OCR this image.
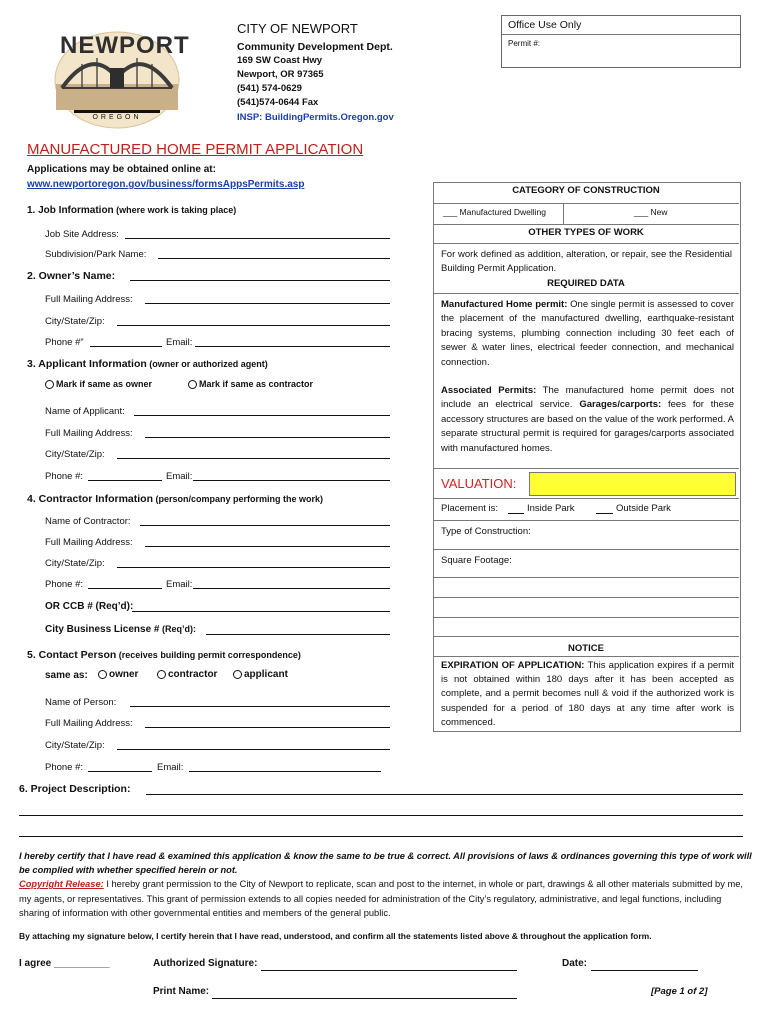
NEWPORT
OREGON
CITY OF NEWPORT
Community Development Dept.
169 SW Coast Hwy
Newport, OR 97365
(541) 574-0629
(541)574-0644 Fax
INSP: BuildingPermits.Oregon.gov
Office Use Only
Permit #:
MANUFACTURED HOME PERMIT APPLICATION
Applications may be obtained online at:
www.newportoregon.gov/business/formsAppsPermits.asp
1. Job Information (where work is taking place)
Job Site Address:
Subdivision/Park Name:
2. Owner’s Name:
Full Mailing Address:
City/State/Zip:
Phone #”	Email:
3. Applicant Information (owner or authorized agent)
Mark if same as owner	Mark if same as contractor
Name of Applicant:
Full Mailing Address:
City/State/Zip:
Phone #:	Email:
4. Contractor Information (person/company performing the work)
Name of Contractor:
Full Mailing Address:
City/State/Zip:
Phone #:	Email:
OR CCB # (Req’d):
City Business License # (Req’d):
5. Contact Person (receives building permit correspondence)
same as:	owner	contractor	applicant
Name of Person:
Full Mailing Address:
City/State/Zip:
Phone #:	Email:
6. Project Description:
CATEGORY OF CONSTRUCTION
___ Manufactured Dwelling	___ New
OTHER TYPES OF WORK
For work defined as addition, alteration, or repair, see the Residential Building Permit Application.
REQUIRED DATA
Manufactured Home permit: One single permit is assessed to cover the placement of the manufactured dwelling, earthquake-resistant bracing systems, plumbing connection including 30 feet each of sewer & water lines, electrical feeder connection, and mechanical connection.
Associated Permits: The manufactured home permit does not include an electrical service. Garages/carports: fees for these accessory structures are based on the value of the work performed. A separate structural permit is required for garages/carports associated with manufactured homes.
VALUATION:
Placement is:	Inside Park	Outside Park
Type of Construction:
Square Footage:
NOTICE
EXPIRATION OF APPLICATION: This application expires if a permit is not obtained within 180 days after it has been accepted as complete, and a permit becomes null & void if the authorized work is suspended for a period of 180 days at any time after work is commenced.
I hereby certify that I have read & examined this application & know the same to be true & correct. All provisions of laws & ordinances governing this type of work will be complied with whether specified herein or not.
Copyright Release: I hereby grant permission to the City of Newport to replicate, scan and post to the internet, in whole or part, drawings & all other materials submitted by me, my agents, or representatives. This grant of permission extends to all copies needed for administration of the City’s regulatory, administrative, and legal functions, including sharing of information with other governmental entities and members of the general public.
By attaching my signature below, I certify herein that I have read, understood, and confirm all the statements listed above & throughout the application form.
I agree __________	Authorized Signature:	Date:
Print Name:	[Page 1 of 2]
